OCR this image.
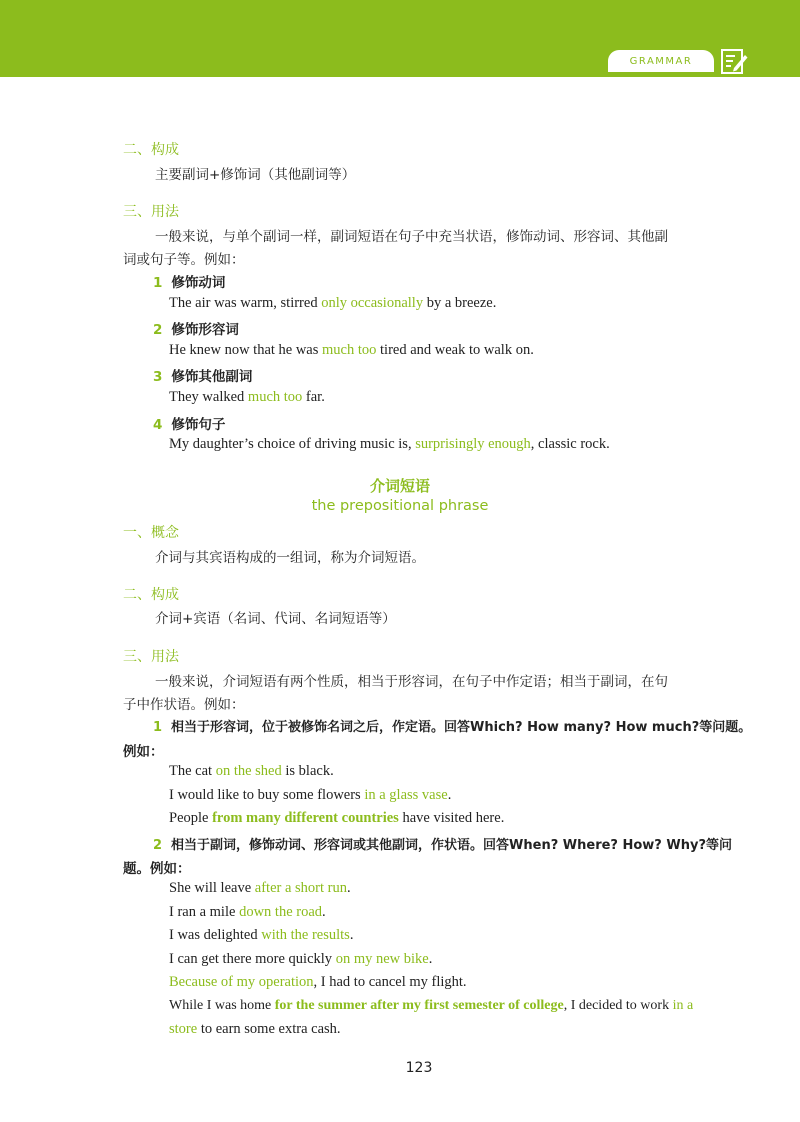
GRAMMAR
二、构成
主要副词+修饰词（其他副词等）
三、用法
一般来说，与单个副词一样，副词短语在句子中充当状语，修饰动词、形容词、其他副
词或句子等。例如：
1 修饰动词
The air was warm, stirred only occasionally by a breeze.
2 修饰形容词
He knew now that he was much too tired and weak to walk on.
3 修饰其他副词
They walked much too far.
4 修饰句子
My daughter’s choice of driving music is, surprisingly enough, classic rock.
介词短语
the prepositional phrase
一、概念
介词与其宾语构成的一组词，称为介词短语。
二、构成
介词+宾语（名词、代词、名词短语等）
三、用法
一般来说，介词短语有两个性质，相当于形容词，在句子中作定语；相当于副词，在句
子中作状语。例如：
1 相当于形容词，位于被修饰名词之后，作定语。回答Which? How many? How much?等问题。
例如：
The cat on the shed is black.
I would like to buy some flowers in a glass vase.
People from many different countries have visited here.
2 相当于副词，修饰动词、形容词或其他副词，作状语。回答When? Where? How? Why?等问
题。例如：
She will leave after a short run.
I ran a mile down the road.
I was delighted with the results.
I can get there more quickly on my new bike.
Because of my operation, I had to cancel my flight.
While I was home for the summer after my first semester of college, I decided to work in a
store to earn some extra cash.
123
